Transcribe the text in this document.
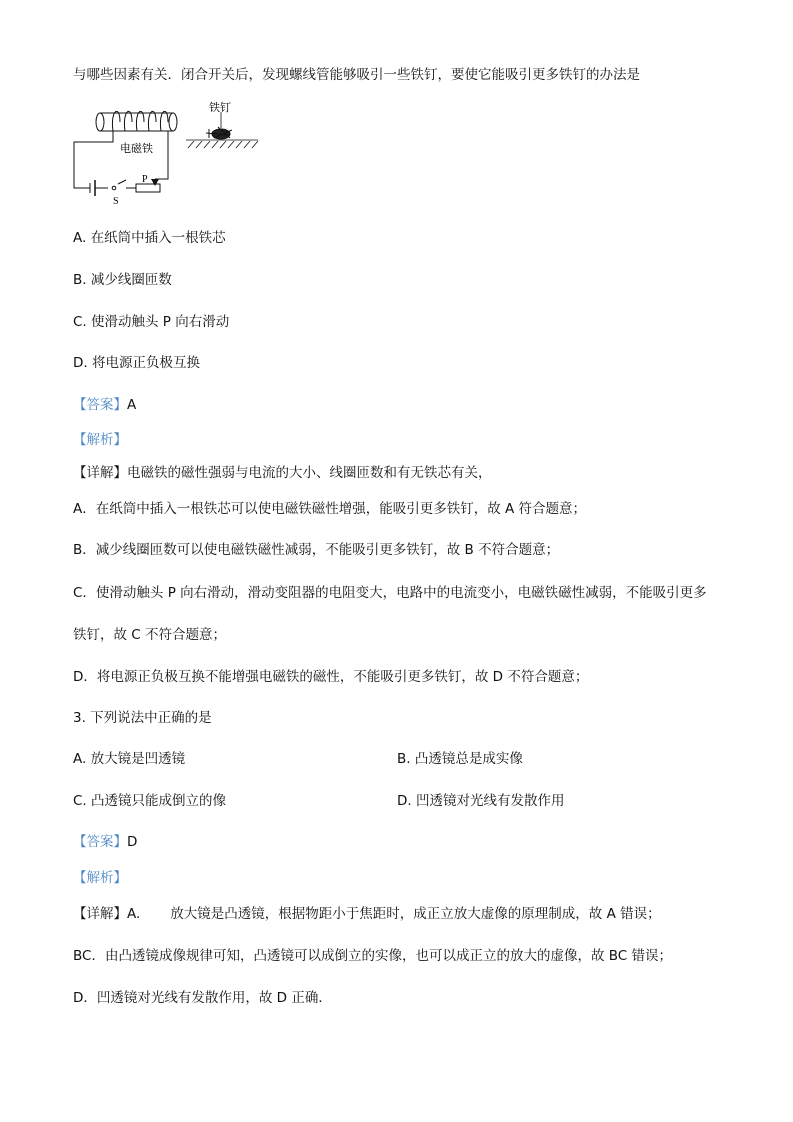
与哪些因素有关．闭合开关后，发现螺线管能够吸引一些铁钉，要使它能吸引更多铁钉的办法是
P
S
电磁铁
铁钉
A. 在纸筒中插入一根铁芯
B. 减少线圈匝数
C. 使滑动触头 P 向右滑动
D. 将电源正负极互换
【答案】A
【解析】
【详解】电磁铁的磁性强弱与电流的大小、线圈匝数和有无铁芯有关，
A．在纸筒中插入一根铁芯可以使电磁铁磁性增强，能吸引更多铁钉，故 A 符合题意；
B．减少线圈匝数可以使电磁铁磁性减弱，不能吸引更多铁钉，故 B 不符合题意；
C．使滑动触头 P 向右滑动，滑动变阻器的电阻变大，电路中的电流变小，电磁铁磁性减弱，不能吸引更多
铁钉，故 C 不符合题意；
D．将电源正负极互换不能增强电磁铁的磁性，不能吸引更多铁钉，故 D 不符合题意；
3. 下列说法中正确的是
A. 放大镜是凹透镜	B. 凸透镜总是成实像
C. 凸透镜只能成倒立的像	D. 凹透镜对光线有发散作用
【答案】D
【解析】
【详解】A. 放大镜是凸透镜，根据物距小于焦距时，成正立放大虚像的原理制成，故 A 错误；
BC．由凸透镜成像规律可知，凸透镜可以成倒立的实像，也可以成正立的放大的虚像，故 BC 错误；
D．凹透镜对光线有发散作用，故 D 正确．
